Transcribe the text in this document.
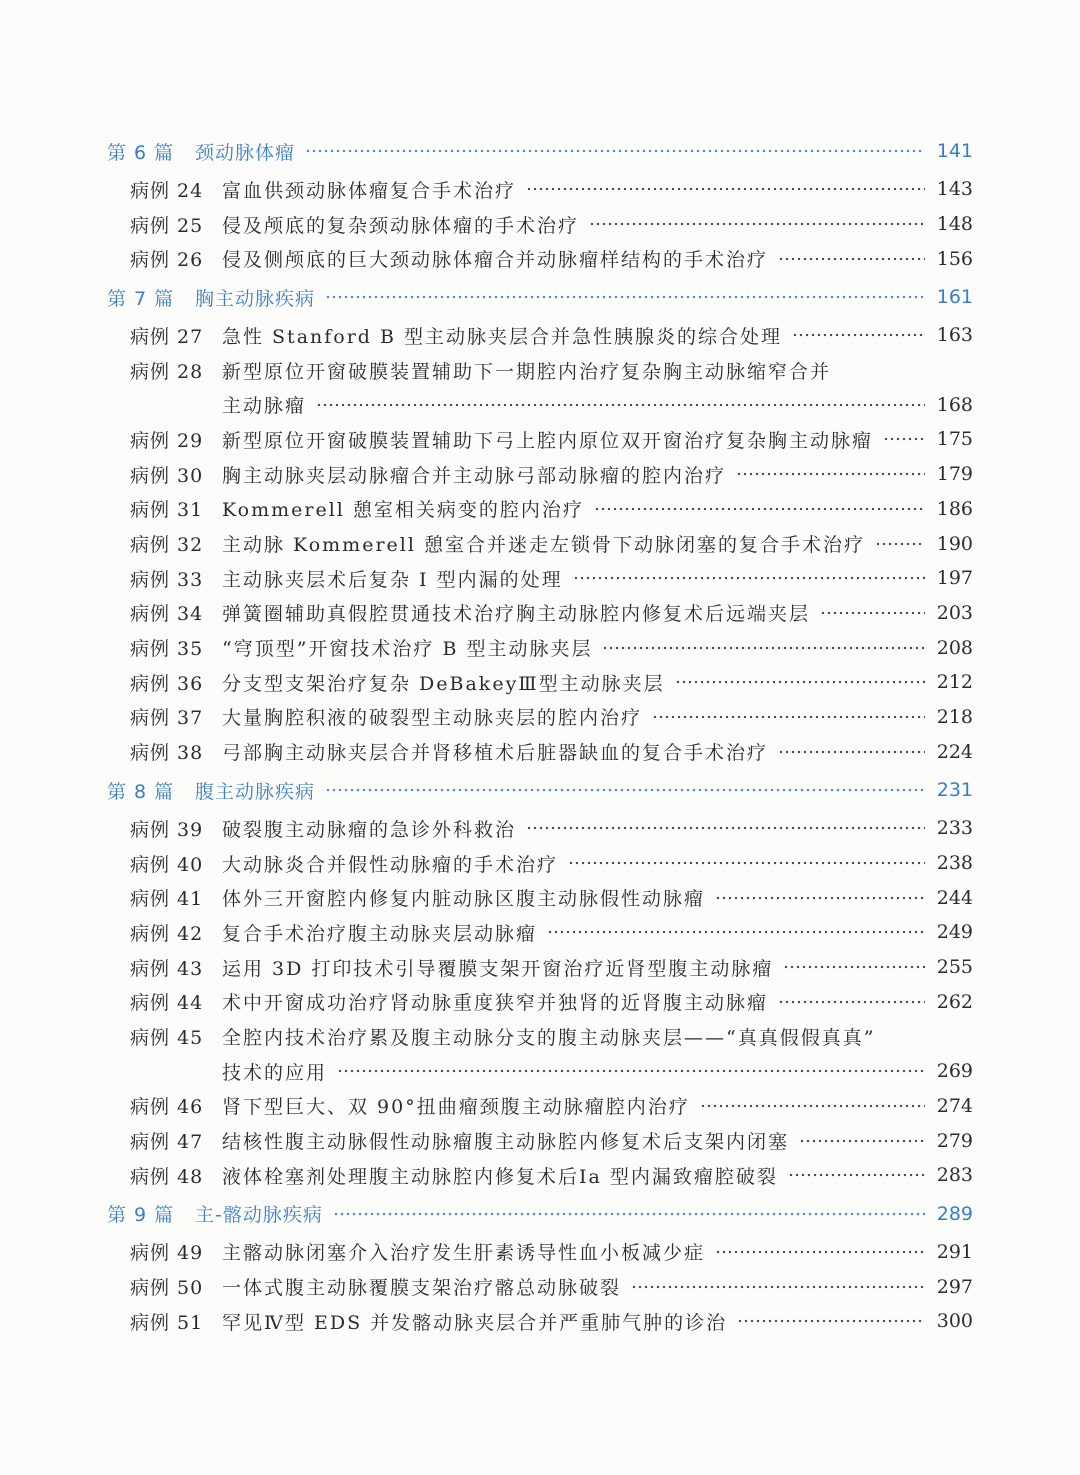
第 6 篇	颈动脉体瘤	141
病例 24 富血供颈动脉体瘤复合手术治疗	143
病例 25 侵及颅底的复杂颈动脉体瘤的手术治疗	148
病例 26 侵及侧颅底的巨大颈动脉体瘤合并动脉瘤样结构的手术治疗	156
第 7 篇	胸主动脉疾病	161
病例 27 急性 Stanford B 型主动脉夹层合并急性胰腺炎的综合处理	163
病例 28 新型原位开窗破膜装置辅助下一期腔内治疗复杂胸主动脉缩窄合并
主动脉瘤	168
病例 29 新型原位开窗破膜装置辅助下弓上腔内原位双开窗治疗复杂胸主动脉瘤	175
病例 30 胸主动脉夹层动脉瘤合并主动脉弓部动脉瘤的腔内治疗	179
病例 31 Kommerell 憩室相关病变的腔内治疗	186
病例 32 主动脉 Kommerell 憩室合并迷走左锁骨下动脉闭塞的复合手术治疗	190
病例 33 主动脉夹层术后复杂 Ⅰ 型内漏的处理	197
病例 34 弹簧圈辅助真假腔贯通技术治疗胸主动脉腔内修复术后远端夹层	203
病例 35 “穹顶型”开窗技术治疗 B 型主动脉夹层	208
病例 36 分支型支架治疗复杂 DeBakeyⅢ型主动脉夹层	212
病例 37 大量胸腔积液的破裂型主动脉夹层的腔内治疗	218
病例 38 弓部胸主动脉夹层合并肾移植术后脏器缺血的复合手术治疗	224
第 8 篇	腹主动脉疾病	231
病例 39 破裂腹主动脉瘤的急诊外科救治	233
病例 40 大动脉炎合并假性动脉瘤的手术治疗	238
病例 41 体外三开窗腔内修复内脏动脉区腹主动脉假性动脉瘤	244
病例 42 复合手术治疗腹主动脉夹层动脉瘤	249
病例 43 运用 3D 打印技术引导覆膜支架开窗治疗近肾型腹主动脉瘤	255
病例 44 术中开窗成功治疗肾动脉重度狭窄并独肾的近肾腹主动脉瘤	262
病例 45 全腔内技术治疗累及腹主动脉分支的腹主动脉夹层——“真真假假真真”
技术的应用	269
病例 46 肾下型巨大、双 90°扭曲瘤颈腹主动脉瘤腔内治疗	274
病例 47 结核性腹主动脉假性动脉瘤腹主动脉腔内修复术后支架内闭塞	279
病例 48 液体栓塞剂处理腹主动脉腔内修复术后Ⅰa 型内漏致瘤腔破裂	283
第 9 篇	主-髂动脉疾病	289
病例 49 主髂动脉闭塞介入治疗发生肝素诱导性血小板减少症	291
病例 50 一体式腹主动脉覆膜支架治疗髂总动脉破裂	297
病例 51 罕见Ⅳ型 EDS 并发髂动脉夹层合并严重肺气肿的诊治	300
